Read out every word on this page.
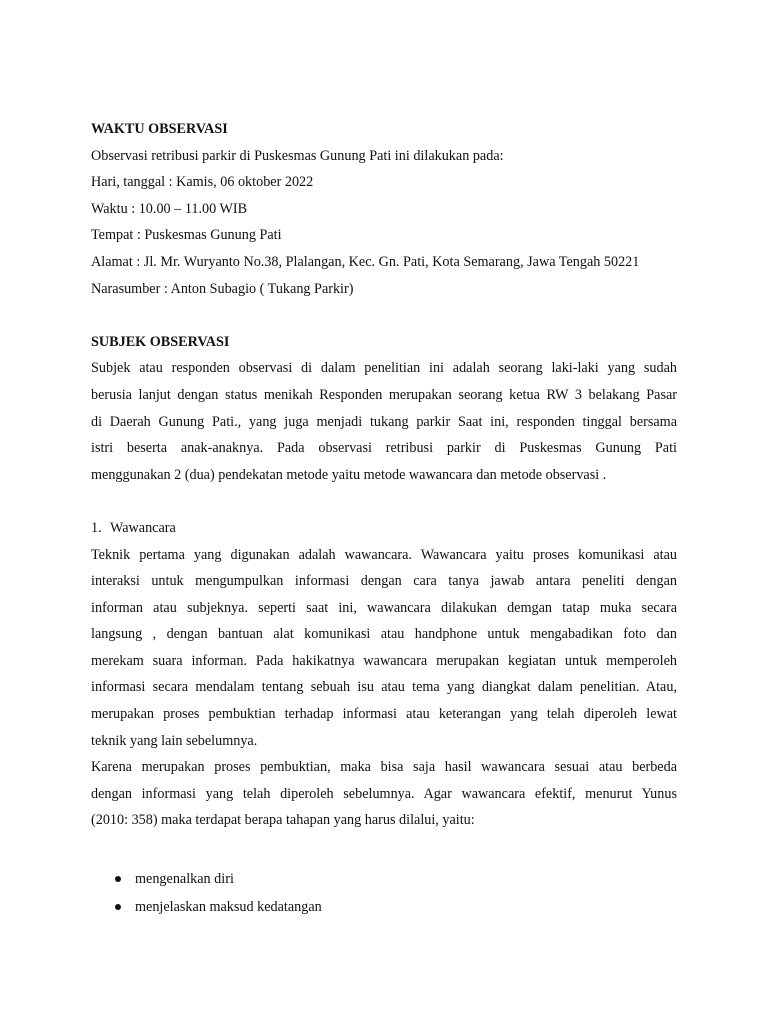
WAKTU OBSERVASI
Observasi retribusi parkir di Puskesmas Gunung Pati ini dilakukan pada:
Hari, tanggal : Kamis, 06 oktober 2022
Waktu : 10.00 – 11.00 WIB
Tempat : Puskesmas Gunung Pati
Alamat : Jl. Mr. Wuryanto No.38, Plalangan, Kec. Gn. Pati, Kota Semarang, Jawa Tengah 50221
Narasumber : Anton Subagio ( Tukang Parkir)
SUBJEK OBSERVASI
Subjek atau responden observasi di dalam penelitian ini adalah seorang laki-laki yang sudah
berusia lanjut dengan status menikah Responden merupakan seorang ketua RW 3 belakang Pasar
di Daerah Gunung Pati., yang juga menjadi tukang parkir Saat ini, responden tinggal bersama
istri beserta anak-anaknya. Pada observasi retribusi parkir di Puskesmas Gunung Pati
menggunakan 2 (dua) pendekatan metode yaitu metode wawancara dan metode observasi .
1. Wawancara
Teknik pertama yang digunakan adalah wawancara. Wawancara yaitu proses komunikasi atau
interaksi untuk mengumpulkan informasi dengan cara tanya jawab antara peneliti dengan
informan atau subjeknya. seperti saat ini, wawancara dilakukan demgan tatap muka secara
langsung , dengan bantuan alat komunikasi atau handphone untuk mengabadikan foto dan
merekam suara informan. Pada hakikatnya wawancara merupakan kegiatan untuk memperoleh
informasi secara mendalam tentang sebuah isu atau tema yang diangkat dalam penelitian. Atau,
merupakan proses pembuktian terhadap informasi atau keterangan yang telah diperoleh lewat
teknik yang lain sebelumnya.
Karena merupakan proses pembuktian, maka bisa saja hasil wawancara sesuai atau berbeda
dengan informasi yang telah diperoleh sebelumnya. Agar wawancara efektif, menurut Yunus
(2010: 358) maka terdapat berapa tahapan yang harus dilalui, yaitu:
mengenalkan diri
menjelaskan maksud kedatangan
